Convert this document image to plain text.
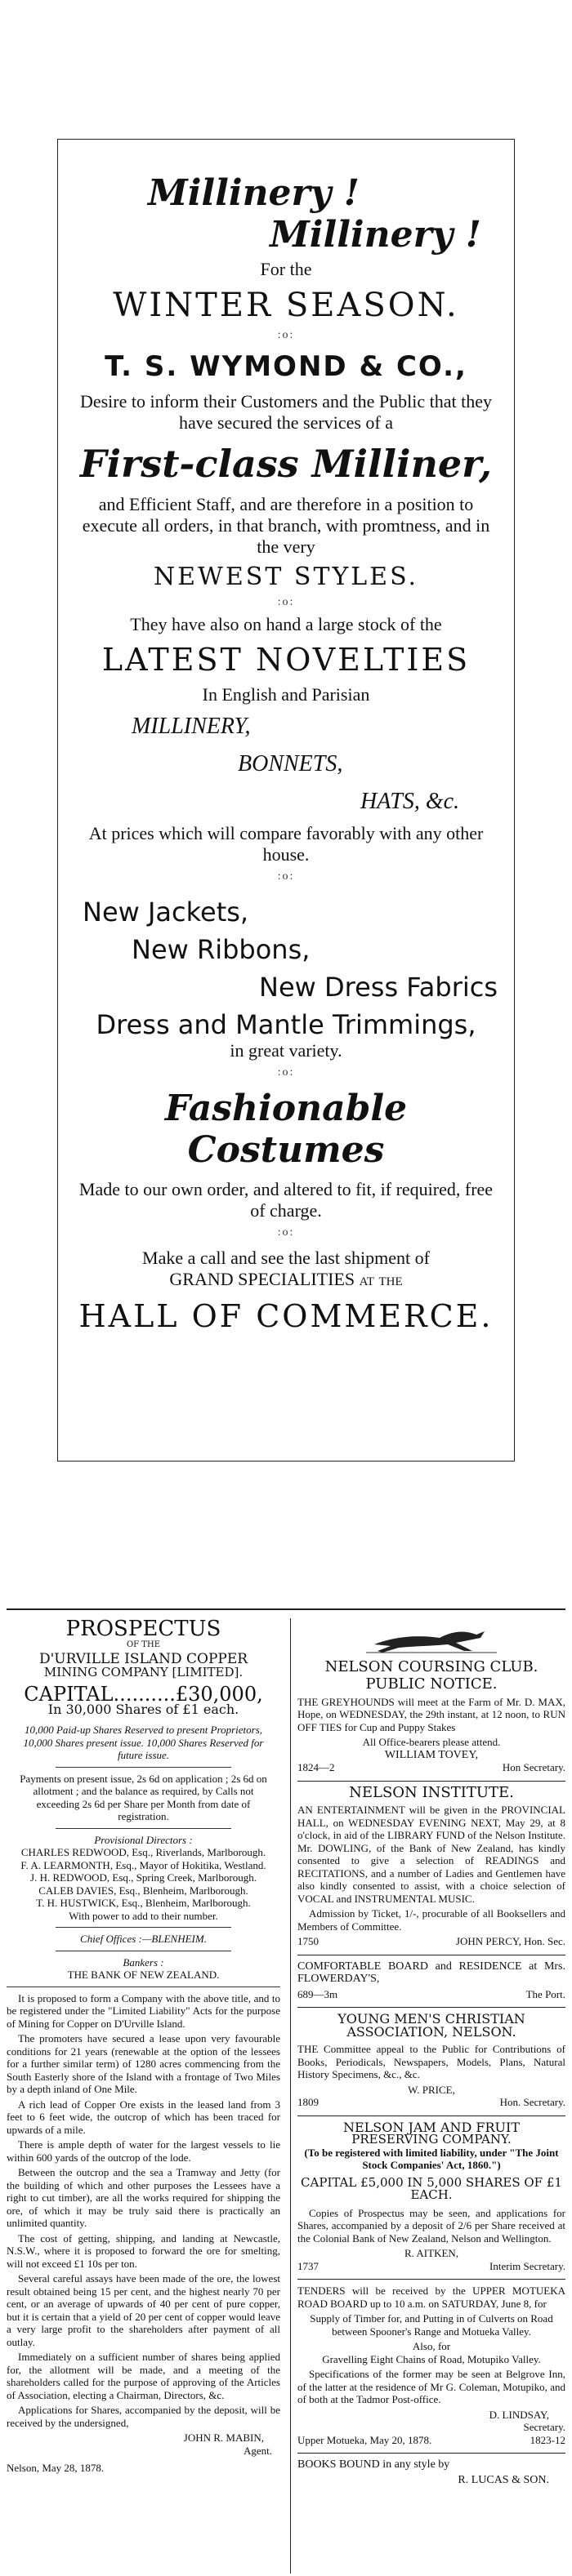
Millinery !
Millinery !
For the
WINTER SEASON.
:o:
T. S. WYMOND & CO.,
Desire to inform their Customers and the Public that they have secured the services of a
First-class Milliner,
and Efficient Staff, and are therefore in a position to execute all orders, in that branch, with promtness, and in the very
NEWEST STYLES.
:o:
They have also on hand a large stock of the
LATEST NOVELTIES
In English and Parisian
MILLINERY,
BONNETS,
HATS, &c.
At prices which will compare favorably with any other house.
:o:
New Jackets,
New Ribbons,
New Dress Fabrics
Dress and Mantle Trimmings,
in great variety.
:o:
Fashionable Costumes
Made to our own order, and altered to fit, if required, free of charge.
:o:
Make a call and see the last shipment of
GRAND SPECIALITIES at the
HALL OF COMMERCE.
PROSPECTUS
OF THE
D'URVILLE ISLAND COPPER
MINING COMPANY [LIMITED].
CAPITAL..........£30,000,
In 30,000 Shares of £1 each.

10,000 Paid-up Shares Reserved to present Proprietors, 10,000 Shares present issue. 10,000 Shares Reserved for future issue.

Payments on present issue, 2s 6d on application ; 2s 6d on allotment ; and the balance as required, by Calls not exceeding 2s 6d per Share per Month from date of registration.

Provisional Directors :
CHARLES REDWOOD, Esq., Riverlands, Marlborough.
F. A. LEARMONTH, Esq., Mayor of Hokitika, Westland.
J. H. REDWOOD, Esq., Spring Creek, Marlborough.
CALEB DAVIES, Esq., Blenheim, Marlborough.
T. H. HUSTWICK, Esq., Blenheim, Marlborough.
With power to add to their number.
Chief Offices :—BLENHEIM.
Bankers :
THE BANK OF NEW ZEALAND.

It is proposed to form a Company with the above title, and to be registered under the "Limited Liability" Acts for the purpose of Mining for Copper on D'Urville Island.

The promoters have secured a lease upon very favourable conditions for 21 years (renewable at the option of the lessees for a further similar term) of 1280 acres commencing from the South Easterly shore of the Island with a frontage of Two Miles by a depth inland of One Mile.

A rich lead of Copper Ore exists in the leased land from 3 feet to 6 feet wide, the outcrop of which has been traced for upwards of a mile.

There is ample depth of water for the largest vessels to lie within 600 yards of the outcrop of the lode.

Between the outcrop and the sea a Tramway and Jetty (for the building of which and other purposes the Lessees have a right to cut timber), are all the works required for shipping the ore, of which it may be truly said there is practically an unlimited quantity.

The cost of getting, shipping, and landing at Newcastle, N.S.W., where it is proposed to forward the ore for smelting, will not exceed £1 10s per ton.

Several careful assays have been made of the ore, the lowest result obtained being 15 per cent, and the highest nearly 70 per cent, or an average of upwards of 40 per cent of pure copper, but it is certain that a yield of 20 per cent of copper would leave a very large profit to the shareholders after payment of all outlay.

Immediately on a sufficient number of shares being applied for, the allotment will be made, and a meeting of the shareholders called for the purpose of approving of the Articles of Association, electing a Chairman, Directors, &c.

Applications for Shares, accompanied by the deposit, will be received by the undersigned,

JOHN R. MABIN,
Agent.
Nelson, May 28, 1878.
NELSON COURSING CLUB.
PUBLIC NOTICE.

THE GREYHOUNDS will meet at the Farm of Mr. D. MAX, Hope, on WEDNESDAY, the 29th instant, at 12 noon, to RUN OFF TIES for Cup and Puppy Stakes

All Office-bearers please attend.
WILLIAM TOVEY,
1824—2	Hon Secretary.
NELSON INSTITUTE.

AN ENTERTAINMENT will be given in the PROVINCIAL HALL, on WEDNESDAY EVENING NEXT, May 29, at 8 o'clock, in aid of the LIBRARY FUND of the Nelson Institute. Mr. DOWLING, of the Bank of New Zealand, has kindly consented to give a selection of READINGS and RECITATIONS, and a number of Ladies and Gentlemen have also kindly consented to assist, with a choice selection of VOCAL and INSTRUMENTAL MUSIC.

Admission by Ticket, 1/-, procurable of all Booksellers and Members of Committee.

1750	JOHN PERCY, Hon. Sec.

COMFORTABLE BOARD and RESIDENCE at Mrs. FLOWERDAY'S,

689—3m	The Port.
YOUNG MEN'S CHRISTIAN ASSOCIATION, NELSON.

THE Committee appeal to the Public for Contributions of Books, Periodicals, Newspapers, Models, Plans, Natural History Specimens, &c., &c.

W. PRICE,
1809	Hon. Secretary.
NELSON JAM AND FRUIT
PRESERVING COMPANY.

(To be registered with limited liability, under "The Joint Stock Companies' Act, 1860.")

CAPITAL £5,000 IN 5,000 SHARES OF £1 EACH.

Copies of Prospectus may be seen, and applications for Shares, accompanied by a deposit of 2/6 per Share received at the Colonial Bank of New Zealand, Nelson and Wellington.

R. AITKEN,
1737	Interim Secretary.

TENDERS will be received by the UPPER MOTUEKA ROAD BOARD up to 10 a.m. on SATURDAY, June 8, for

Supply of Timber for, and Putting in of Culverts on Road between Spooner's Range and Motueka Valley.

Also, for

Gravelling Eight Chains of Road, Motupiko Valley.

Specifications of the former may be seen at Belgrove Inn, of the latter at the residence of Mr G. Coleman, Motupiko, and of both at the Tadmor Post-office.

D. LINDSAY,
Secretary.
Upper Motueka, May 20, 1878.	1823-12

BOOKS BOUND in any style by

R. LUCAS & SON.
